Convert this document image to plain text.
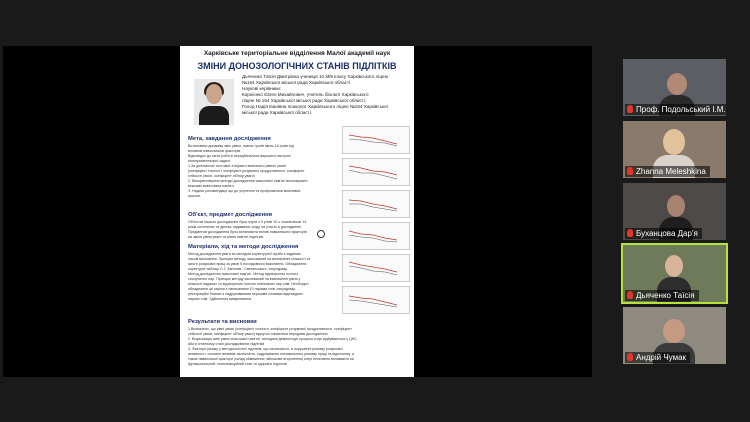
Харківське територіальне відділення Малої академії наук
ЗМІНИ ДОНОЗОЛОГІЧНИХ СТАНІВ ПІДЛІТКІВ
Дьяченко Таїсія Дмитрівна учениця 10 М/8 класу Харківського ліцею
№154 Харківської міської ради Харківської області
Наукові керівники:
Корнієнко Євген Михайлович, учитель біології Харківського
ліцею № 154 Харківської міської ради Харківської області;
Голод Надія Іванівна психолог Харківського ліцею №154 Харківської
міської ради Харківської області.
Мета, завдання дослідження
Встановити динаміку змін уваги, пам'яті учнів віком 14 років під
впливом навколишніх факторів.
Відповідно до мети роботи передбачалося вирішити наступні
експериментальні задачі:
1.За допомогою тестових з'ясувати визначити рівень уваги
(коефіцієнт точності, коефіцієнт розумової продуктивності, коефіцієнт
стійкості уваги, коефіцієнт об'єму уваги)
2. Використовуючи методи дослідження смислової пам'яті віссалкувати
можливі зміни рівня пам'яті.
3. Надати рекомендації що до усунення та профілактики можливих
причин.
Об'єкт, предмет дослідження
Об'єктом нашого дослідження була група з 9 учнів 10-х класів віком 14
років охоплених та діючих надаваних згоду на участь в дослідженні.
Предметом дослідження було встановити вплив навколишніх факторів
на зміни рівня уваги та рівня пам'яті підлітків.
Матеріали, хід та методи дослідження
Метод дослідження уваги за методою коректурної проби з заданим
часом виконання. Принцип методу заснований на визначенні кількості та
якості розумової праці за умов 5 послідовного виконання. Обладнання:
коректурні таблиці О.Г. Заносав - Смілянського, секундомір.
Метод дослідження смислової пам'яті. Метод відтворення логічно
сполучених пар. Принцип методу заснований на визначенні рівня у
кількості наданих та відтворених логічно пов'язаних пар слів. Необхідно
обладнання це картки з написаними 10 парами слів, секундомір,
реєстраційні бланки з надрукованими першими словами відповідних
парних слів. Здійснення вимірювання.
Результати та висновки
1.Визначено, що рівні уваги (коефіцієнт точності, коефіцієнт розумової продуктивності, коефіцієнт
стійкості уваги, коефіцієнт об'єму уваги) відчутно знизилися впродовж дослідження.
2. Візуалізація змін рівня смислової пам'яті, методика демонструє процеси котрі відбуваються у ЦНС,
або в істинному стані досліджуваних підлітків
3. Фактори ризику у методологічної підлітків, що належаться, в порушенні режиму розумової
активності, основне впливає залежність, надрізування оптимального режиму праці та відпочинку, а
також навколишні фактори (склад обмеження, військове вторгнення) котрі негативно впливають на
функціональний, психоемоційний стан та здоров'я підлітків
Проф. Подольський І.М.
Zhanna Meleshkina
Буханцова Дар'я
Дьяченко Таїсія
Андрій Чумак
